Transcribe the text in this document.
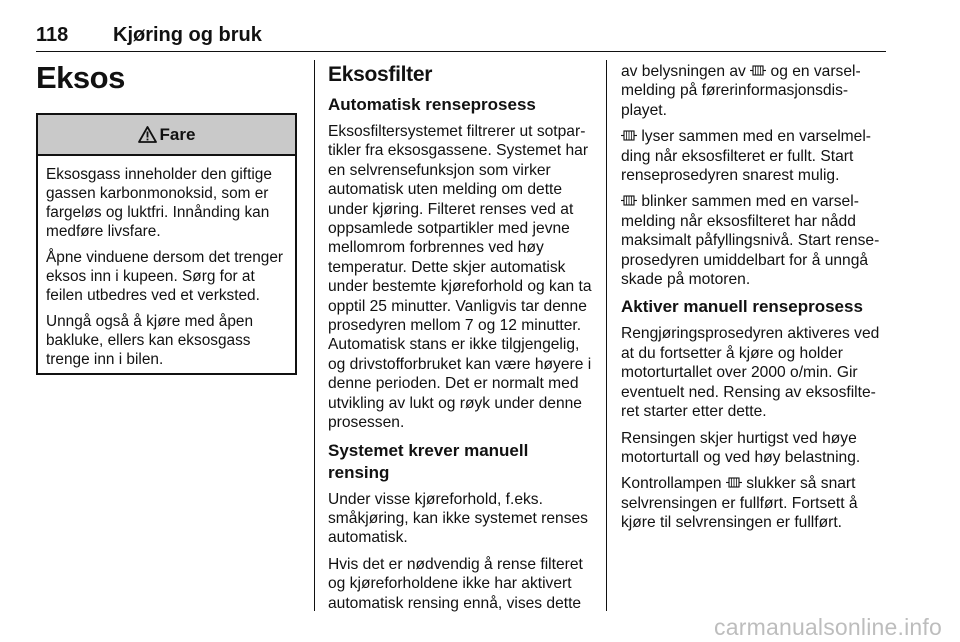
118 Kjøring og bruk
Eksos
Fare

Eksosgass inneholder den giftige gassen karbonmonoksid, som er fargeløs og luktfri. Innånding kan medføre livsfare.

Åpne vinduene dersom det trenger eksos inn i kupeen. Sørg for at feilen utbedres ved et verksted.

Unngå også å kjøre med åpen bakluke, ellers kan eksosgass trenge inn i bilen.

Eksosfilter
Automatisk renseprosess

Eksosfiltersystemet filtrerer ut sotpartikler fra eksosgassene. Systemet har en selvrensefunksjon som virker automatisk uten melding om dette under kjøring. Filteret renses ved at oppsamlede sotpartikler med jevne mellomrom forbrennes ved høy temperatur. Dette skjer automatisk under bestemte kjøreforhold og kan ta opptil 25 minutter. Vanligvis tar denne prosedyren mellom 7 og 12 minutter. Automatisk stans er ikke tilgjengelig, og drivstofforbruket kan være høyere i denne perioden. Det er normalt med utvikling av lukt og røyk under denne prosessen.

Systemet krever manuell rensing

Under visse kjøreforhold, f.eks. småkjøring, kan ikke systemet renses automatisk.

Hvis det er nødvendig å rense filteret og kjøreforholdene ikke har aktivert automatisk rensing ennå, vises dette

av belysningen av og en varselmelding på førerinformasjonsdisplayet.

lyser sammen med en varselmelding når eksosfilteret er fullt. Start renseprosedyren snarest mulig.

blinker sammen med en varselmelding når eksosfilteret har nådd maksimalt påfyllingsnivå. Start renseprosedyren umiddelbart for å unngå skade på motoren.

Aktiver manuell renseprosess

Rengjøringsprosedyren aktiveres ved at du fortsetter å kjøre og holder motorturtallet over 2000 o/min. Gir eventuelt ned. Rensing av eksosfilteret starter etter dette.

Rensingen skjer hurtigst ved høye motorturtall og ved høy belastning.

Kontrollampen slukker så snart selvrensingen er fullført. Fortsett å kjøre til selvrensingen er fullført.

carmanualsonline.info
